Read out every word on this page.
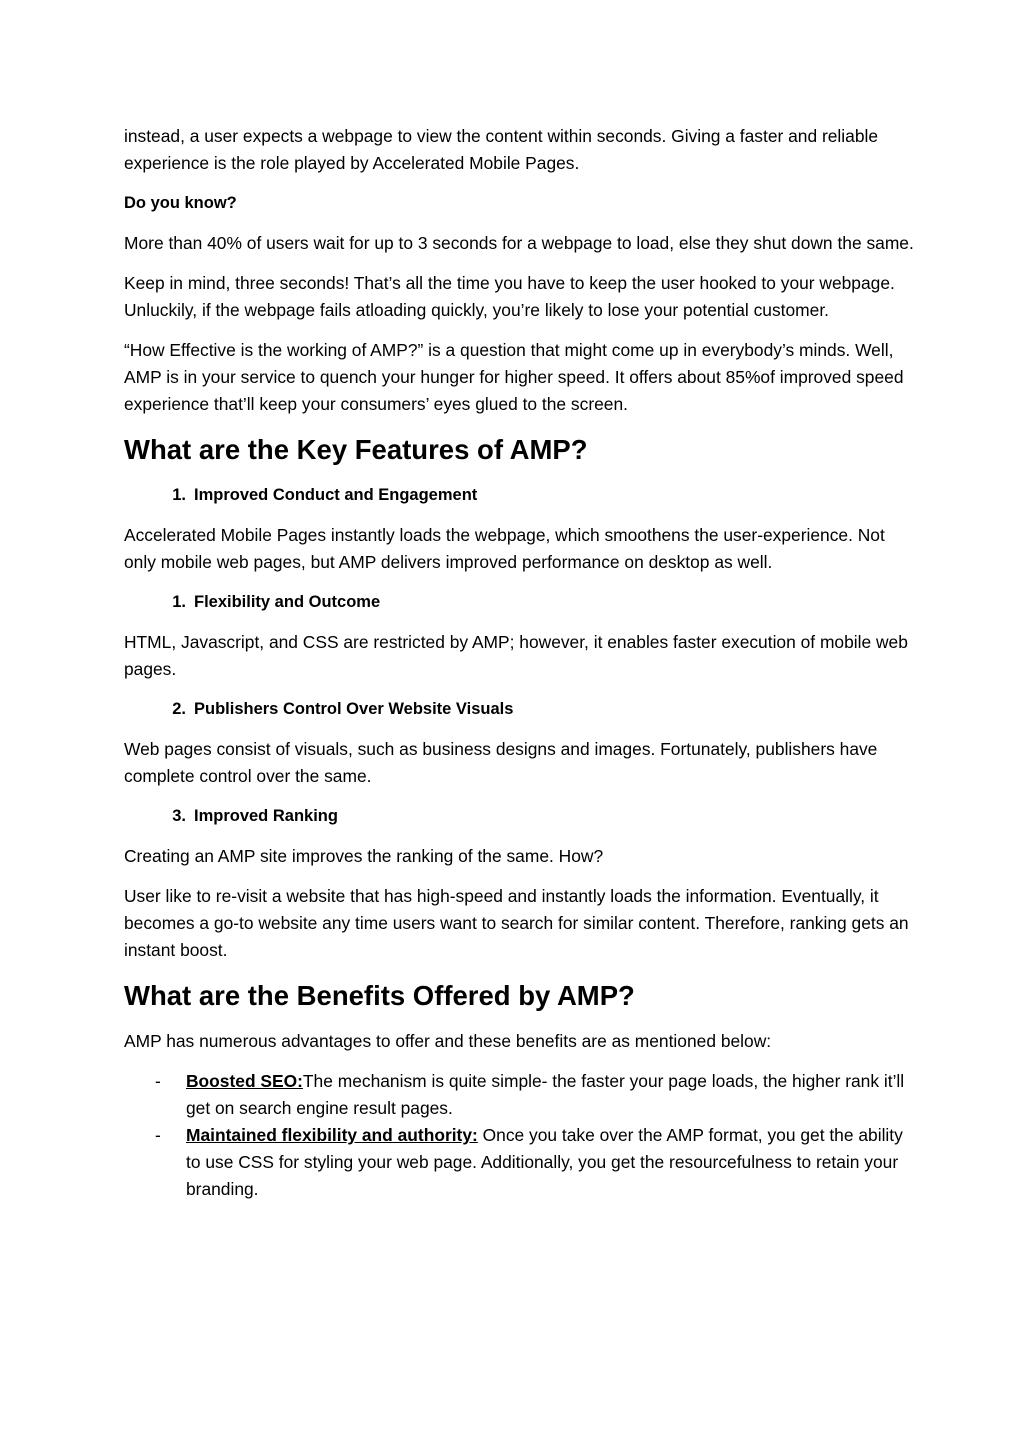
instead, a user expects a webpage to view the content within seconds. Giving a faster and reliable experience is the role played by Accelerated Mobile Pages.

Do you know?

More than 40% of users wait for up to 3 seconds for a webpage to load, else they shut down the same.

Keep in mind, three seconds! That’s all the time you have to keep the user hooked to your webpage. Unluckily, if the webpage fails atloading quickly, you’re likely to lose your potential customer.

“How Effective is the working of AMP?” is a question that might come up in everybody’s minds. Well, AMP is in your service to quench your hunger for higher speed. It offers about 85%of improved speed experience that’ll keep your consumers’ eyes glued to the screen.

What are the Key Features of AMP?
1. Improved Conduct and Engagement

Accelerated Mobile Pages instantly loads the webpage, which smoothens the user-experience. Not only mobile web pages, but AMP delivers improved performance on desktop as well.

1. Flexibility and Outcome

HTML, Javascript, and CSS are restricted by AMP; however, it enables faster execution of mobile web pages.

2. Publishers Control Over Website Visuals

Web pages consist of visuals, such as business designs and images. Fortunately, publishers have complete control over the same.

3. Improved Ranking

Creating an AMP site improves the ranking of the same. How?

User like to re-visit a website that has high-speed and instantly loads the information. Eventually, it becomes a go-to website any time users want to search for similar content. Therefore, ranking gets an instant boost.

What are the Benefits Offered by AMP?

AMP has numerous advantages to offer and these benefits are as mentioned below:

-	Boosted SEO:The mechanism is quite simple- the faster your page loads, the higher rank it’ll get on search engine result pages.
-	Maintained flexibility and authority: Once you take over the AMP format, you get the ability to use CSS for styling your web page. Additionally, you get the resourcefulness to retain your branding.
